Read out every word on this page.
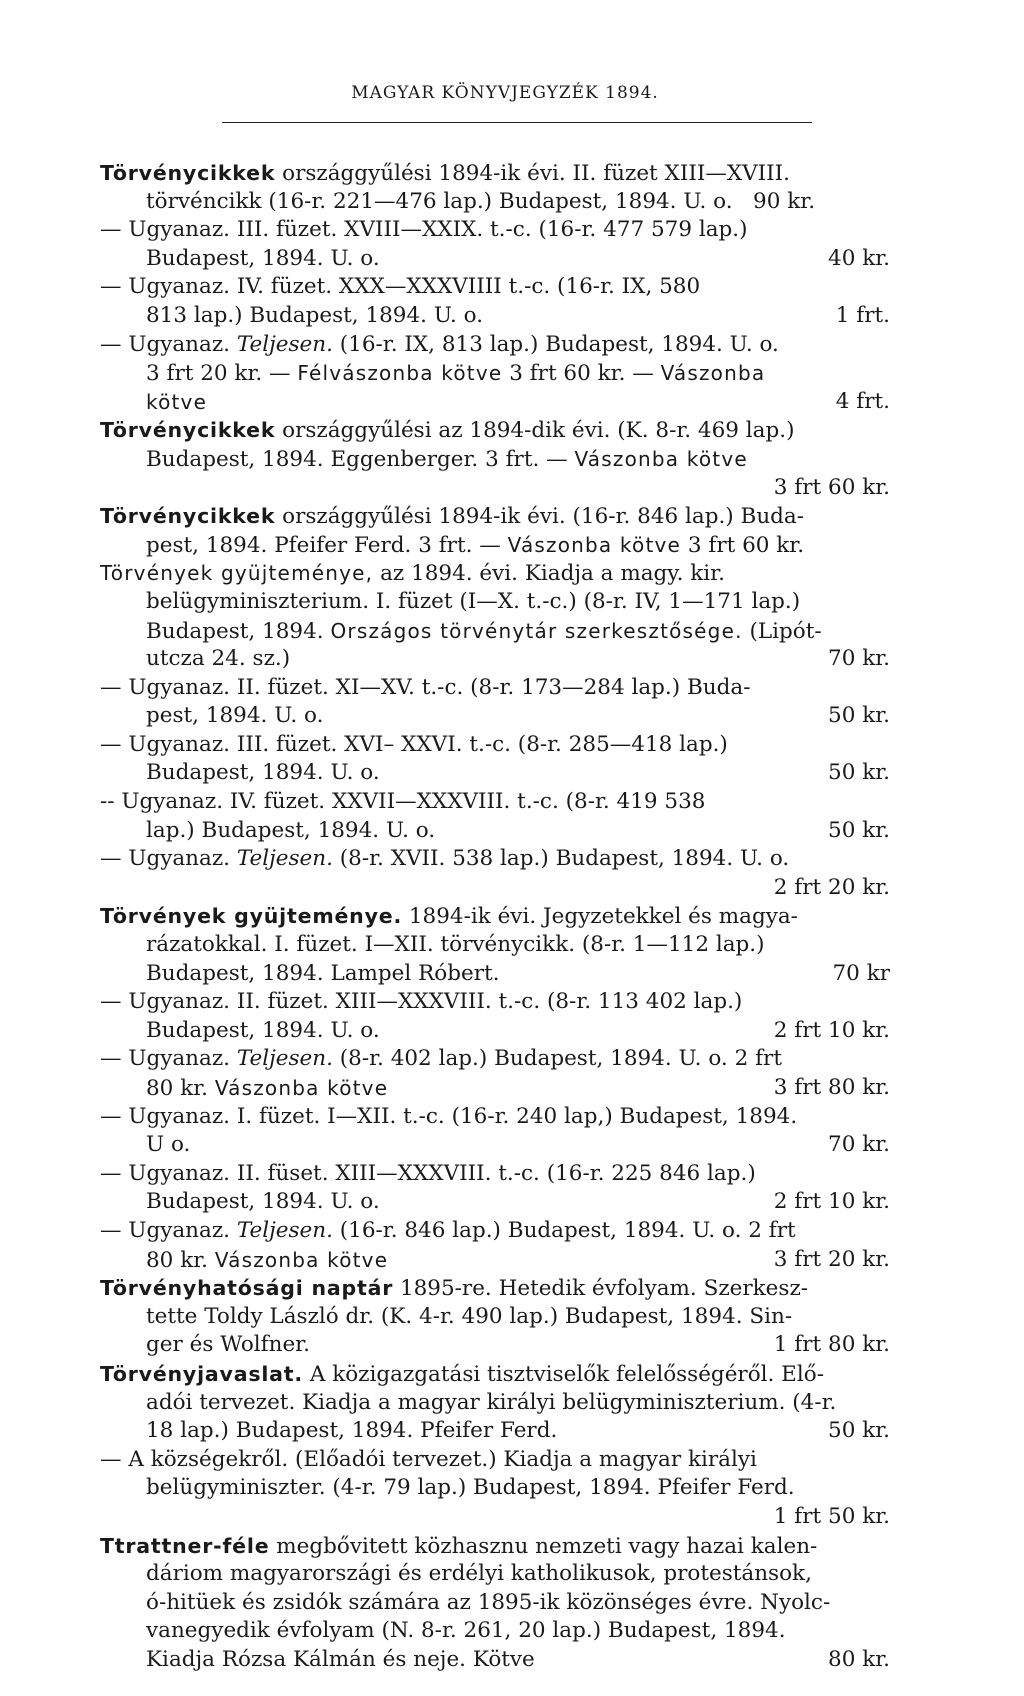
MAGYAR KÖNYVJEGYZÉK 1894.
Törvénycikkek országgyűlési 1894-ik évi. II. füzet XIII—XVIII.
törvéncikk (16-r. 221—476 lap.) Budapest, 1894. U. o.   90 kr.
— Ugyanaz. III. füzet. XVIII—XXIX. t.-c. (16-r. 477 579 lap.)
Budapest, 1894. U. o.	40 kr.
— Ugyanaz. IV. füzet. XXX—XXXVIIII t.-c. (16-r. IX, 580
813 lap.) Budapest, 1894. U. o.	1 frt.
— Ugyanaz. Teljesen. (16-r. IX, 813 lap.) Budapest, 1894. U. o.
3 frt 20 kr. — Félvászonba kötve 3 frt 60 kr. — Vászonba
kötve	4 frt.
Törvénycikkek országgyűlési az 1894-dik évi. (K. 8-r. 469 lap.)
Budapest, 1894. Eggenberger. 3 frt. — Vászonba kötve
3 frt 60 kr.
Törvénycikkek országgyűlési 1894-ik évi. (16-r. 846 lap.) Buda-
pest, 1894. Pfeifer Ferd. 3 frt. — Vászonba kötve 3 frt 60 kr.
Törvények gyüjteménye, az 1894. évi. Kiadja a magy. kir.
belügyminiszterium. I. füzet (I—X. t.-c.) (8-r. IV, 1—171 lap.)
Budapest, 1894. Országos törvénytár szerkesztősége. (Lipót-
utcza 24. sz.)	70 kr.
— Ugyanaz. II. füzet. XI—XV. t.-c. (8-r. 173—284 lap.) Buda-
pest, 1894. U. o.	50 kr.
— Ugyanaz. III. füzet. XVI– XXVI. t.-c. (8-r. 285—418 lap.)
Budapest, 1894. U. o.	50 kr.
-- Ugyanaz. IV. füzet. XXVII—XXXVIII. t.-c. (8-r. 419 538
lap.) Budapest, 1894. U. o.	50 kr.
— Ugyanaz. Teljesen. (8-r. XVII. 538 lap.) Budapest, 1894. U. o.
2 frt 20 kr.
Törvények gyüjteménye. 1894-ik évi. Jegyzetekkel és magya-
rázatokkal. I. füzet. I—XII. törvénycikk. (8-r. 1—112 lap.)
Budapest, 1894. Lampel Róbert.	70 kr
— Ugyanaz. II. füzet. XIII—XXXVIII. t.-c. (8-r. 113 402 lap.)
Budapest, 1894. U. o.	2 frt 10 kr.
— Ugyanaz. Teljesen. (8-r. 402 lap.) Budapest, 1894. U. o. 2 frt
80 kr. Vászonba kötve	3 frt 80 kr.
— Ugyanaz. I. füzet. I—XII. t.-c. (16-r. 240 lap,) Budapest, 1894.
U o.	70 kr.
— Ugyanaz. II. füset. XIII—XXXVIII. t.-c. (16-r. 225 846 lap.)
Budapest, 1894. U. o.	2 frt 10 kr.
— Ugyanaz. Teljesen. (16-r. 846 lap.) Budapest, 1894. U. o. 2 frt
80 kr. Vászonba kötve	3 frt 20 kr.
Törvényhatósági naptár 1895-re. Hetedik évfolyam. Szerkesz-
tette Toldy László dr. (K. 4-r. 490 lap.) Budapest, 1894. Sin-
ger és Wolfner.	1 frt 80 kr.
Törvényjavaslat. A közigazgatási tisztviselők felelősségéről. Elő-
adói tervezet. Kiadja a magyar királyi belügyminiszterium. (4-r.
18 lap.) Budapest, 1894. Pfeifer Ferd.	50 kr.
— A községekről. (Előadói tervezet.) Kiadja a magyar királyi
belügyminiszter. (4-r. 79 lap.) Budapest, 1894. Pfeifer Ferd.
1 frt 50 kr.
Ttrattner-féle megbővitett közhasznu nemzeti vagy hazai kalen-
dáriom magyarországi és erdélyi katholikusok, protestánsok,
ó-hitüek és zsidók számára az 1895-ik közönséges évre. Nyolc-
vanegyedik évfolyam (N. 8-r. 261, 20 lap.) Budapest, 1894.
Kiadja Rózsa Kálmán és neje. Kötve	80 kr.
